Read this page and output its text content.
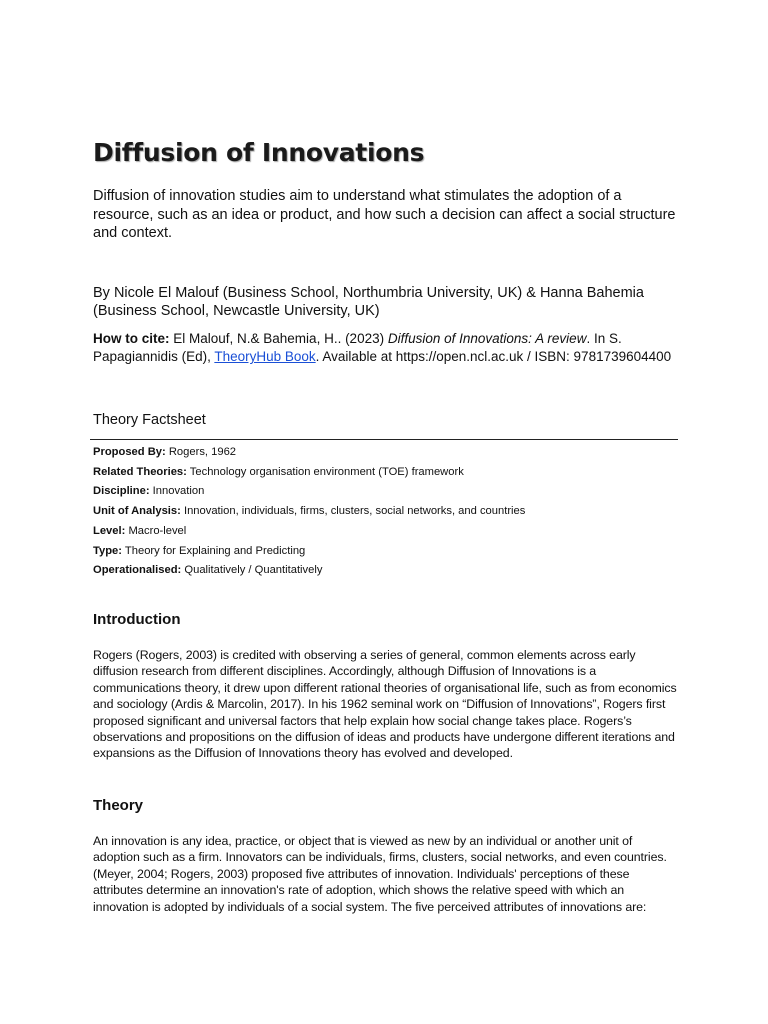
Diffusion of Innovations

Diffusion of innovation studies aim to understand what stimulates the adoption of a resource, such as an idea or product, and how such a decision can affect a social structure and context.

By Nicole El Malouf (Business School, Northumbria University, UK) & Hanna Bahemia (Business School, Newcastle University, UK)

How to cite: El Malouf, N.& Bahemia, H.. (2023) Diffusion of Innovations: A review. In S. Papagiannidis (Ed), TheoryHub Book. Available at https://open.ncl.ac.uk / ISBN: 9781739604400

Theory Factsheet
Proposed By: Rogers, 1962
Related Theories: Technology organisation environment (TOE) framework
Discipline: Innovation
Unit of Analysis: Innovation, individuals, firms, clusters, social networks, and countries
Level: Macro-level
Type: Theory for Explaining and Predicting
Operationalised: Qualitatively / Quantitatively
Introduction

Rogers (Rogers, 2003) is credited with observing a series of general, common elements across early diffusion research from different disciplines. Accordingly, although Diffusion of Innovations is a communications theory, it drew upon different rational theories of organisational life, such as from economics and sociology (Ardis & Marcolin, 2017). In his 1962 seminal work on “Diffusion of Innovations”, Rogers first proposed significant and universal factors that help explain how social change takes place. Rogers’s observations and propositions on the diffusion of ideas and products have undergone different iterations and expansions as the Diffusion of Innovations theory has evolved and developed.

Theory

An innovation is any idea, practice, or object that is viewed as new by an individual or another unit of adoption such as a firm. Innovators can be individuals, firms, clusters, social networks, and even countries. (Meyer, 2004; Rogers, 2003) proposed five attributes of innovation. Individuals' perceptions of these attributes determine an innovation's rate of adoption, which shows the relative speed with which an innovation is adopted by individuals of a social system. The five perceived attributes of innovations are:
